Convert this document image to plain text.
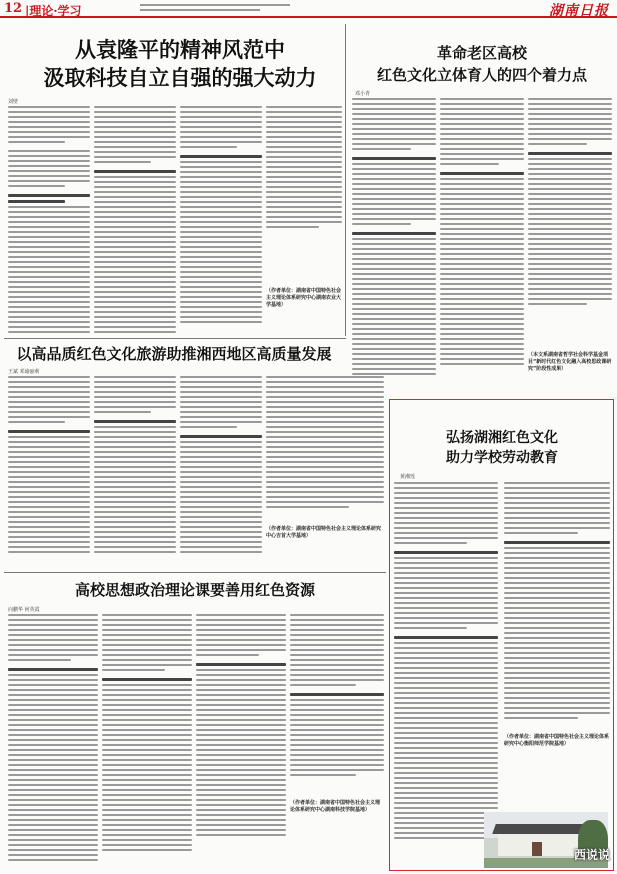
12 |理论·学习	湖南日报
从袁隆平的精神风范中
汲取科技自立自强的强大动力
刘壁
（作者单位：湖南省中国特色社会主义理论体系研究中心湖南农业大学基地）
革命老区高校
红色文化立体育人的四个着力点
邓小青
（本文系湖南省哲学社会科学基金项目“新时代红色文化融入高校思政课研究”阶段性成果）
以高品质红色文化旅游助推湘西地区高质量发展
王斌 邓瑜丽莉
（作者单位：湖南省中国特色社会主义理论体系研究中心吉首大学基地）
高校思想政治理论课要善用红色资源
向鹏华 何英霞
（作者单位：湖南省中国特色社会主义理论体系研究中心湖南科技学院基地）
弘扬湖湘红色文化
助力学校劳动教育
黄湘莲
（作者单位：湖南省中国特色社会主义理论体系研究中心衡阳师范学院基地）
西说说
